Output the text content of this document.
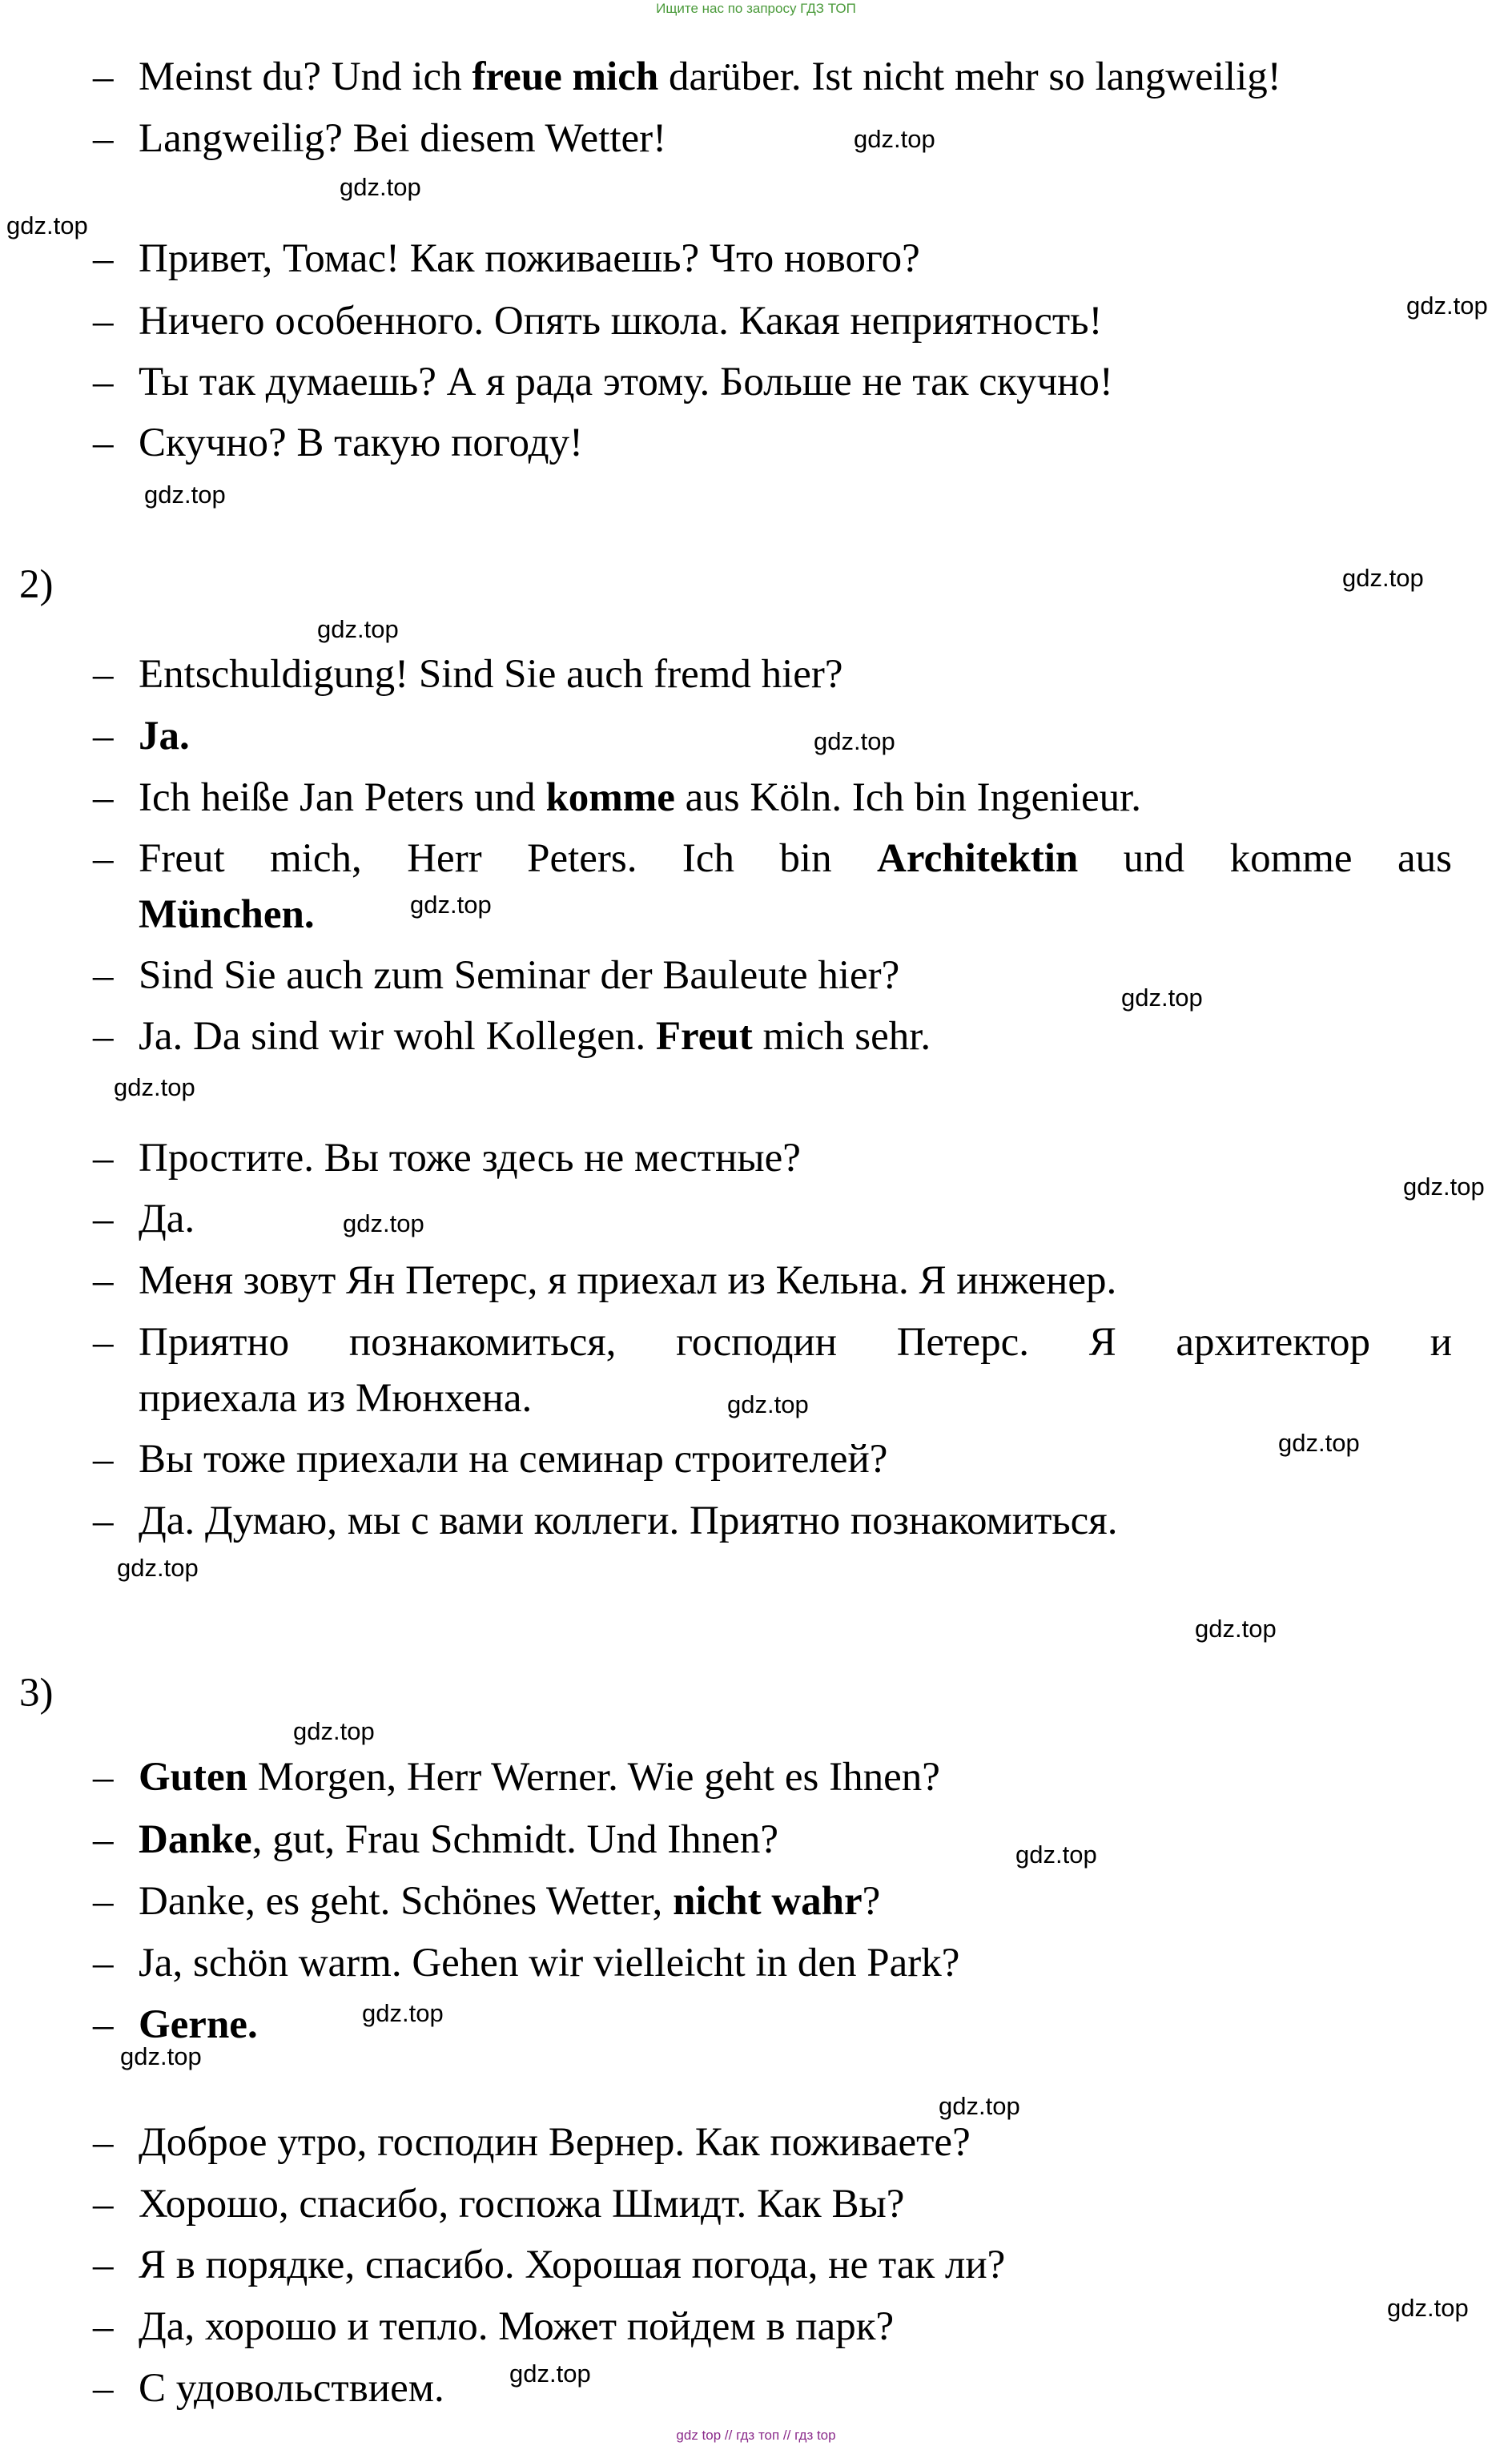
Ищите нас по запросу ГДЗ ТОП
– Meinst du? Und ich freue mich darüber. Ist nicht mehr so langweilig!
– Langweilig? Bei diesem Wetter!
– Привет, Томас! Как поживаешь? Что нового?
– Ничего особенного. Опять школа. Какая неприятность!
– Ты так думаешь? А я рада этому. Больше не так скучно!
– Скучно? В такую погоду!
2)
– Entschuldigung! Sind Sie auch fremd hier?
– Ja.
– Ich heiße Jan Peters und komme aus Köln. Ich bin Ingenieur.
– Freut mich, Herr Peters. Ich bin Architektin und komme aus
München.
– Sind Sie auch zum Seminar der Bauleute hier?
– Ja. Da sind wir wohl Kollegen. Freut mich sehr.
– Простите. Вы тоже здесь не местные?
– Да.
– Меня зовут Ян Петерс, я приехал из Кельна. Я инженер.
– Приятно познакомиться, господин Петерс. Я архитектор и
приехала из Мюнхена.
– Вы тоже приехали на семинар строителей?
– Да. Думаю, мы с вами коллеги. Приятно познакомиться.
3)
– Guten Morgen, Herr Werner. Wie geht es Ihnen?
– Danke, gut, Frau Schmidt. Und Ihnen?
– Danke, es geht. Schönes Wetter, nicht wahr?
– Ja, schön warm. Gehen wir vielleicht in den Park?
– Gerne.
– Доброе утро, господин Вернер. Как поживаете?
– Хорошо, спасибо, госпожа Шмидт. Как Вы?
– Я в порядке, спасибо. Хорошая погода, не так ли?
– Да, хорошо и тепло. Может пойдем в парк?
– С удовольствием.
gdz.top
gdz.top
gdz.top
gdz.top
gdz.top
gdz.top
gdz.top
gdz.top
gdz.top
gdz.top
gdz.top
gdz.top
gdz.top
gdz.top
gdz.top
gdz.top
gdz.top
gdz.top
gdz.top
gdz.top
gdz.top
gdz.top
gdz.top
gdz.top
gdz top // гдз топ // гдз top
